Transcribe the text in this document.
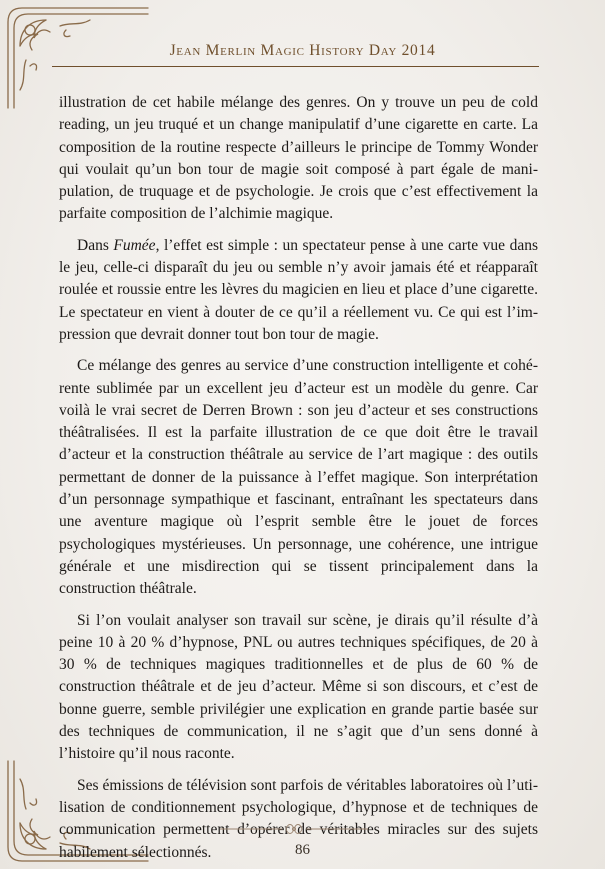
Jean Merlin Magic History Day 2014

illustration de cet habile mélange des genres. On y trouve un peu de cold reading, un jeu truqué et un change manipulatif d’une cigarette en carte. La composition de la routine respecte d’ailleurs le principe de Tommy Wonder qui voulait qu’un bon tour de magie soit composé à part égale de manipulation, de truquage et de psychologie. Je crois que c’est effectivement la parfaite composition de l’alchimie magique.

Dans Fumée, l’effet est simple : un spectateur pense à une carte vue dans le jeu, celle-ci disparaît du jeu ou semble n’y avoir jamais été et réapparaît roulée et roussie entre les lèvres du magicien en lieu et place d’une cigarette. Le spectateur en vient à douter de ce qu’il a réellement vu. Ce qui est l’impression que devrait donner tout bon tour de magie.

Ce mélange des genres au service d’une construction intelligente et cohérente sublimée par un excellent jeu d’acteur est un modèle du genre. Car voilà le vrai secret de Derren Brown : son jeu d’acteur et ses constructions théâtralisées. Il est la parfaite illustration de ce que doit être le travail d’acteur et la construction théâtrale au service de l’art magique : des outils permettant de donner de la puissance à l’effet magique. Son interprétation d’un personnage sympathique et fascinant, entraînant les spectateurs dans une aventure magique où l’esprit semble être le jouet de forces psychologiques mystérieuses. Un personnage, une cohérence, une intrigue générale et une misdirection qui se tissent principalement dans la construction théâtrale.

Si l’on voulait analyser son travail sur scène, je dirais qu’il résulte d’à peine 10 à 20 % d’hypnose, PNL ou autres techniques spécifiques, de 20 à 30 % de techniques magiques traditionnelles et de plus de 60 % de construction théâtrale et de jeu d’acteur. Même si son discours, et c’est de bonne guerre, semble privilégier une explication en grande partie basée sur des techniques de communication, il ne s’agit que d’un sens donné à l’histoire qu’il nous raconte.

Ses émissions de télévision sont parfois de véritables laboratoires où l’utilisation de conditionnement psychologique, d’hypnose et de techniques de communication permettent d’opérer de véritables miracles sur des sujets habilement sélectionnés.	86
